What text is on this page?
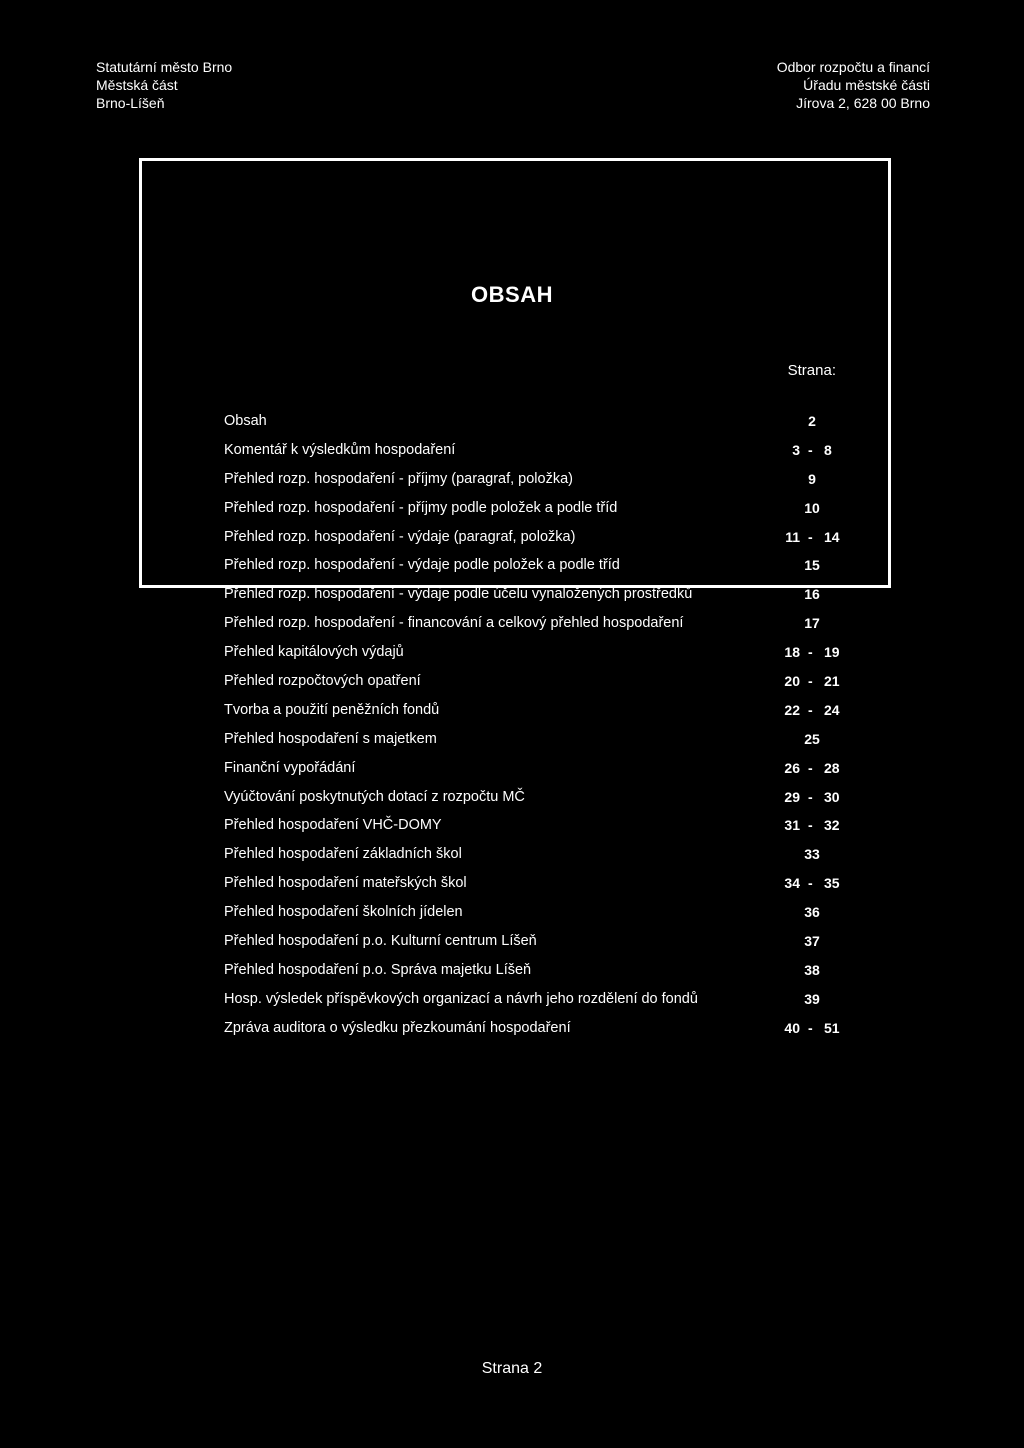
Statutární město Brno
Městská část
Brno-Líšeň
Odbor rozpočtu a financí
Úřadu městské části
Jírova 2, 628 00 Brno
OBSAH
Strana:
Obsah	2
Komentář k výsledkům hospodaření	3 - 8
Přehled rozp. hospodaření - příjmy (paragraf, položka)	9
Přehled rozp. hospodaření - příjmy podle položek a podle tříd	10
Přehled rozp. hospodaření - výdaje (paragraf, položka)	11 - 14
Přehled rozp. hospodaření - výdaje podle položek a podle tříd	15
Přehled rozp. hospodaření - výdaje podle účelu vynaložených prostředků	16
Přehled rozp. hospodaření - financování a celkový přehled hospodaření	17
Přehled kapitálových výdajů	18 - 19
Přehled rozpočtových opatření	20 - 21
Tvorba a použití peněžních fondů	22 - 24
Přehled hospodaření s majetkem	25
Finanční vypořádání	26 - 28
Vyúčtování poskytnutých dotací z rozpočtu MČ	29 - 30
Přehled hospodaření VHČ-DOMY	31 - 32
Přehled hospodaření základních škol	33
Přehled hospodaření mateřských škol	34 - 35
Přehled hospodaření školních jídelen	36
Přehled hospodaření p.o. Kulturní centrum Líšeň	37
Přehled hospodaření p.o. Správa majetku Líšeň	38
Hosp. výsledek příspěvkových organizací a návrh jeho rozdělení do fondů	39
Zpráva auditora o výsledku přezkoumání hospodaření	40 - 51
Strana 2
